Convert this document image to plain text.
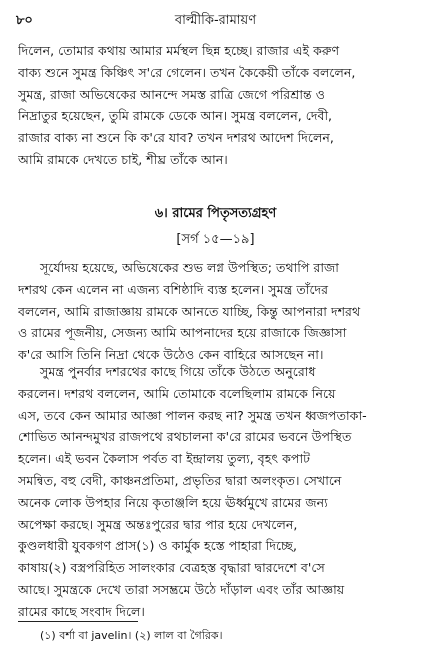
৮০	বাল্মীকি-রামায়ণ
দিলেন, তোমার কথায় আমার মর্মস্থল ছিন্ন হচ্ছে। রাজার এই করুণ
বাক্য শুনে সুমন্ত্র কিঞ্চিৎ স'রে গেলেন। তখন কৈকেয়ী তাঁকে বললেন,
সুমন্ত্র, রাজা অভিষেকের আনন্দে সমস্ত রাত্রি জেগে পরিশ্রান্ত ও
নিদ্রাতুর হয়েছেন, তুমি রামকে ডেকে আন। সুমন্ত্র বললেন, দেবী,
রাজার বাক্য না শুনে কি ক'রে যাব? তখন দশরথ আদেশ দিলেন,
আমি রামকে দেখতে চাই, শীঘ্র তাঁকে আন।
৬। রামের পিতৃসত্যগ্রহণ
[সর্গ ১৫—১৯]
সূর্যোদয় হয়েছে, অভিষেকের শুভ লগ্ন উপস্থিত; তথাপি রাজা
দশরথ কেন এলেন না এজন্য বশিষ্ঠাদি ব্যস্ত হলেন। সুমন্ত্র তাঁদের
বললেন, আমি রাজাজ্ঞায় রামকে আনতে যাচ্ছি, কিন্তু আপনারা দশরথ
ও রামের পূজনীয়, সেজন্য আমি আপনাদের হয়ে রাজাকে জিজ্ঞাসা
ক'রে আসি তিনি নিদ্রা থেকে উঠেও কেন বাহিরে আসছেন না।
সুমন্ত্র পুনর্বার দশরথের কাছে গিয়ে তাঁকে উঠতে অনুরোধ
করলেন। দশরথ বললেন, আমি তোমাকে বলেছিলাম রামকে নিয়ে
এস, তবে কেন আমার আজ্ঞা পালন করছ না? সুমন্ত্র তখন ধ্বজপতাকা-
শোভিত আনন্দমুখর রাজপথে রথচালনা ক'রে রামের ভবনে উপস্থিত
হলেন। এই ভবন কৈলাস পর্বত বা ইন্দ্রালয় তুল্য, বৃহৎ কপাট
সমন্বিত, বহু বেদী, কাঞ্চনপ্রতিমা, প্রভৃতির দ্বারা অলংকৃত। সেখানে
অনেক লোক উপহার নিয়ে কৃতাঞ্জলি হয়ে ঊর্ধ্বমুখে রামের জন্য
অপেক্ষা করছে। সুমন্ত্র অন্তঃপুরের দ্বার পার হয়ে দেখলেন,
কুণ্ডলধারী যুবকগণ প্রাস(১) ও কার্মুক হস্তে পাহারা দিচ্ছে,
কাষায়(২) বস্ত্রপরিহিত সালংকার বেত্রহস্ত বৃদ্ধারা দ্বারদেশে ব'সে
আছে। সুমন্ত্রকে দেখে তারা সসম্ভ্রমে উঠে দাঁড়াল এবং তাঁর আজ্ঞায়
রামের কাছে সংবাদ দিলে।
(১) বর্শা বা javelin। (২) লাল বা গৈরিক।
